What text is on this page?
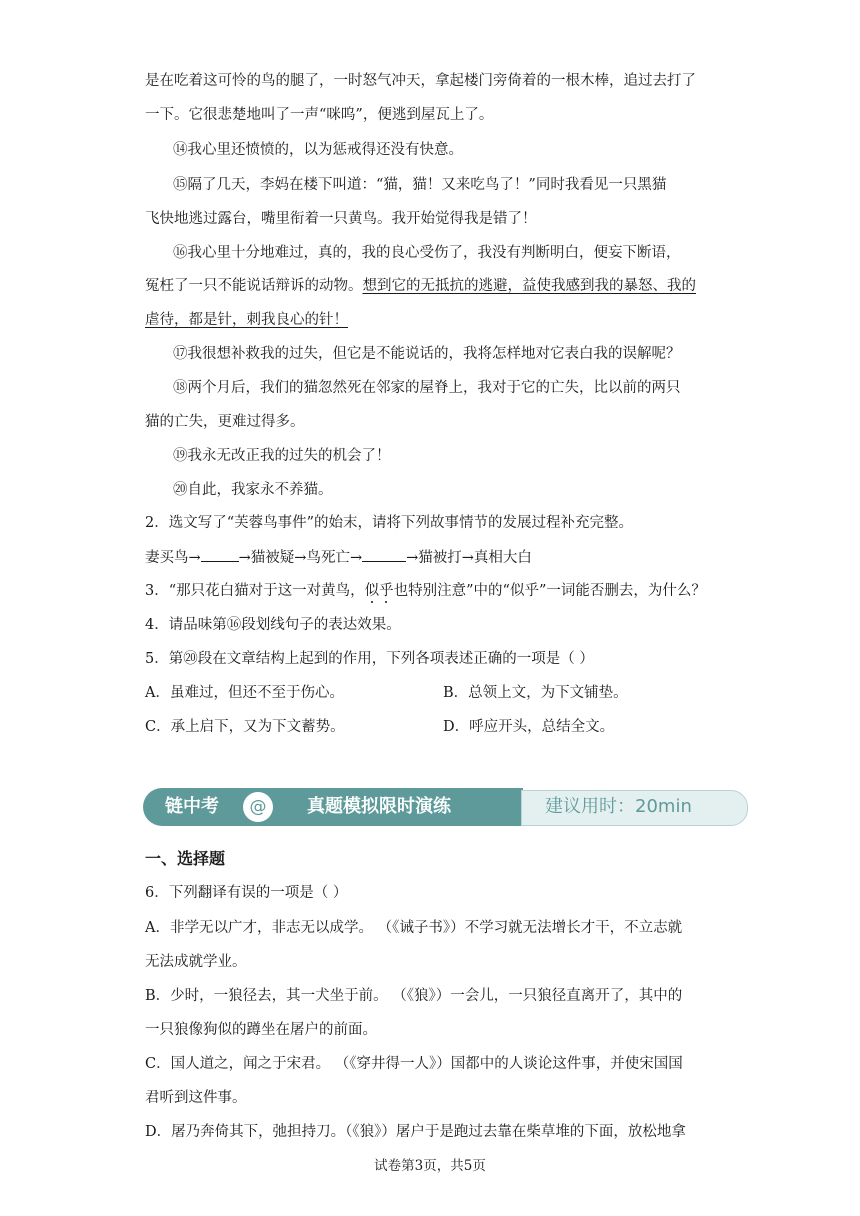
是在吃着这可怜的鸟的腿了，一时怒气冲天，拿起楼门旁倚着的一根木棒，追过去打了
一下。它很悲楚地叫了一声“咪呜”，便逃到屋瓦上了。
⑭我心里还愤愤的，以为惩戒得还没有快意。
⑮隔了几天，李妈在楼下叫道：“猫，猫！又来吃鸟了！”同时我看见一只黑猫
飞快地逃过露台，嘴里衔着一只黄鸟。我开始觉得我是错了！
⑯我心里十分地难过，真的，我的良心受伤了，我没有判断明白，便妄下断语，
冤枉了一只不能说话辩诉的动物。想到它的无抵抗的逃避，益使我感到我的暴怒、我的
虐待，都是针，刺我良心的针！
⑰我很想补救我的过失，但它是不能说话的，我将怎样地对它表白我的误解呢？
⑱两个月后，我们的猫忽然死在邻家的屋脊上，我对于它的亡失，比以前的两只
猫的亡失，更难过得多。
⑲我永无改正我的过失的机会了！
⑳自此，我家永不养猫。
2．选文写了“芙蓉鸟事件”的始末，请将下列故事情节的发展过程补充完整。
妻买鸟→	→猫被疑→鸟死亡→	→猫被打→真相大白
3．“那只花白猫对于这一对黄鸟，似乎也特别注意”中的“似乎”一词能否删去，为什么？
4．请品味第⑯段划线句子的表达效果。
5．第⑳段在文章结构上起到的作用，下列各项表述正确的一项是（ ）
A．虽难过，但还不至于伤心。	B．总领上文，为下文铺垫。
C．承上启下，又为下文蓄势。	D．呼应开头，总结全文。
链中考	@	真题模拟限时演练	建议用时：20min
一、选择题
6．下列翻译有误的一项是（ ）
A．非学无以广才，非志无以成学。 （《诫子书》）不学习就无法增长才干，不立志就
无法成就学业。
B．少时，一狼径去，其一犬坐于前。 （《狼》）一会儿，一只狼径直离开了，其中的
一只狼像狗似的蹲坐在屠户的前面。
C．国人道之，闻之于宋君。 （《穿井得一人》）国都中的人谈论这件事，并使宋国国
君听到这件事。
D．屠乃奔倚其下，弛担持刀。（《狼》）屠户于是跑过去靠在柴草堆的下面，放松地拿
试卷第3页，共5页
